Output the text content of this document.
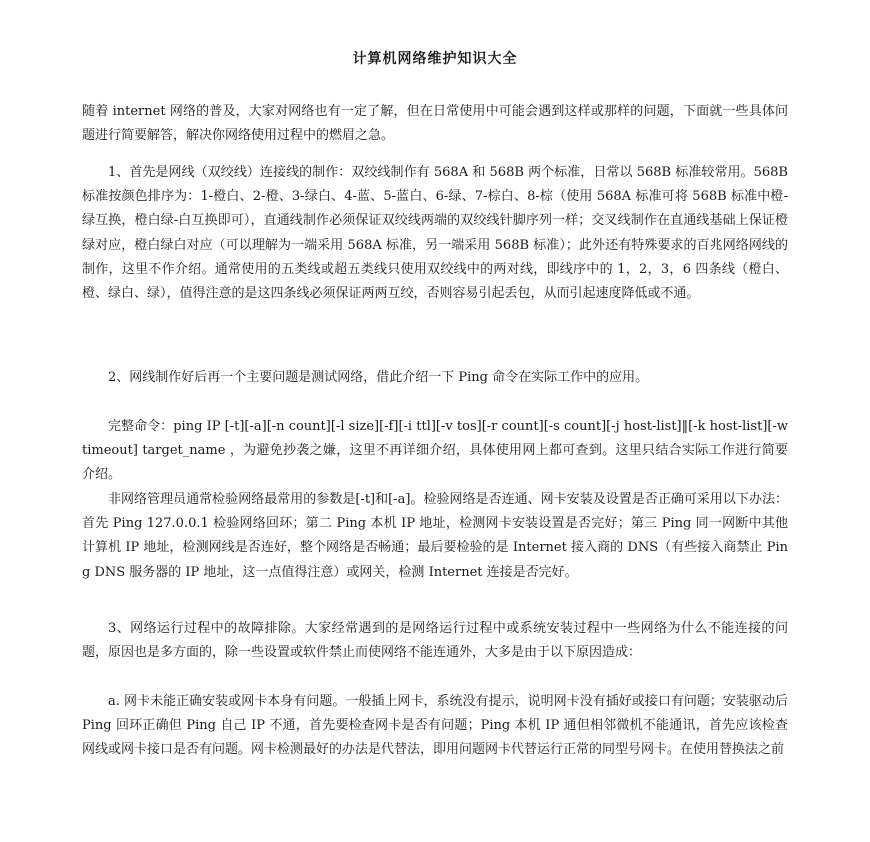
计算机网络维护知识大全
随着 internet 网络的普及，大家对网络也有一定了解，但在日常使用中可能会遇到这样或那样的问题，下面就一些具体问题进行简要解答，解决你网络使用过程中的燃眉之急。
1、首先是网线（双绞线）连接线的制作：双绞线制作有 568A 和 568B 两个标准，日常以 568B 标准较常用。568B 标准按颜色排序为：1-橙白、2-橙、3-绿白、4-蓝、5-蓝白、6-绿、7-棕白、8-棕（使用 568A 标准可将 568B 标准中橙-绿互换，橙白绿-白互换即可），直通线制作必须保证双绞线两端的双绞线针脚序列一样；交叉线制作在直通线基础上保证橙绿对应，橙白绿白对应（可以理解为一端采用 568A 标准，另一端采用 568B 标准）；此外还有特殊要求的百兆网络网线的制作，这里不作介绍。通常使用的五类线或超五类线只使用双绞线中的两对线，即线序中的 1，2，3，6 四条线（橙白、橙、绿白、绿），值得注意的是这四条线必须保证两两互绞，否则容易引起丢包，从而引起速度降低或不通。
2、网线制作好后再一个主要问题是测试网络，借此介绍一下 Ping 命令在实际工作中的应用。
完整命令：ping IP [-t][-a][-n count][-l size][-f][-i ttl][-v tos][-r count][-s count][-j host-list]‖[-k host-list][-w timeout] target_name ，为避免抄袭之嫌，这里不再详细介绍，具体使用网上都可查到。这里只结合实际工作进行简要介绍。
非网络管理员通常检验网络最常用的参数是[-t]和[-a]。检验网络是否连通、网卡安装及设置是否正确可采用以下办法：首先 Ping 127.0.0.1 检验网络回环；第二 Ping 本机 IP 地址，检测网卡安装设置是否完好；第三 Ping 同一网断中其他计算机 IP 地址，检测网线是否连好，整个网络是否畅通；最后要检验的是 Internet 接入商的 DNS（有些接入商禁止 Ping DNS 服务器的 IP 地址，这一点值得注意）或网关，检测 Internet 连接是否完好。
3、网络运行过程中的故障排除。大家经常遇到的是网络运行过程中或系统安装过程中一些网络为什么不能连接的问题，原因也是多方面的，除一些设置或软件禁止而使网络不能连通外，大多是由于以下原因造成：
a. 网卡未能正确安装或网卡本身有问题。一般插上网卡，系统没有提示，说明网卡没有插好或接口有问题；安装驱动后 Ping 回环正确但 Ping 自己 IP 不通，首先要检查网卡是否有问题；Ping 本机 IP 通但相邻微机不能通讯，首先应该检查网线或网卡接口是否有问题。网卡检测最好的办法是代替法，即用问题网卡代替运行正常的同型号网卡。在使用替换法之前
